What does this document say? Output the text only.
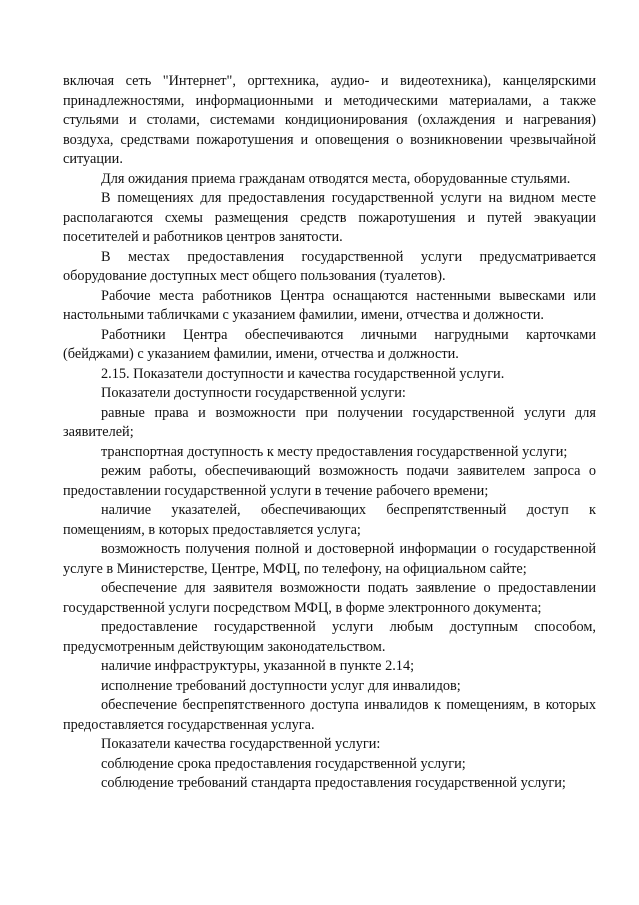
включая сеть "Интернет", оргтехника, аудио- и видеотехника), канцелярскими принадлежностями, информационными и методическими материалами, а также стульями и столами, системами кондиционирования (охлаждения и нагревания) воздуха, средствами пожаротушения и оповещения о возникновении чрезвычайной ситуации.

Для ожидания приема гражданам отводятся места, оборудованные стульями.

В помещениях для предоставления государственной услуги на видном месте располагаются схемы размещения средств пожаротушения и путей эвакуации посетителей и работников центров занятости.

В местах предоставления государственной услуги предусматривается оборудование доступных мест общего пользования (туалетов).

Рабочие места работников Центра оснащаются настенными вывесками или настольными табличками с указанием фамилии, имени, отчества и должности.

Работники Центра обеспечиваются личными нагрудными карточками (бейджами) с указанием фамилии, имени, отчества и должности.

2.15. Показатели доступности и качества государственной услуги.

Показатели доступности государственной услуги:

равные права и возможности при получении государственной услуги для заявителей;

транспортная доступность к месту предоставления государственной услуги;

режим работы, обеспечивающий возможность подачи заявителем запроса о предоставлении государственной услуги в течение рабочего времени;

наличие указателей, обеспечивающих беспрепятственный доступ к помещениям, в которых предоставляется услуга;

возможность получения полной и достоверной информации о государственной услуге в Министерстве, Центре, МФЦ, по телефону, на официальном сайте;

обеспечение для заявителя возможности подать заявление о предоставлении государственной услуги посредством МФЦ, в форме электронного документа;

предоставление государственной услуги любым доступным способом, предусмотренным действующим законодательством.

наличие инфраструктуры, указанной в пункте 2.14;

исполнение требований доступности услуг для инвалидов;

обеспечение беспрепятственного доступа инвалидов к помещениям, в которых предоставляется государственная услуга.

Показатели качества государственной услуги:

соблюдение срока предоставления государственной услуги;

соблюдение требований стандарта предоставления государственной услуги;
